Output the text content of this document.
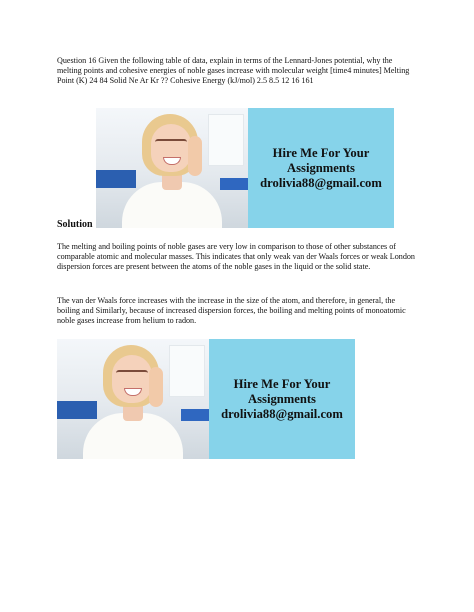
Question 16 Given the following table of data, explain in terms of the Lennard-Jones potential, why the melting points and cohesive energies of noble gases increase with molecular weight [time4 minutes] Melting Point (K) 24 84 Solid Ne Ar Kr ?? Cohesive Energy (kJ/mol) 2.5 8.5 12 16 161

Hire Me For Your
Assignments
drolivia88@gmail.com

Solution

The melting and boiling points of noble gases are very low in comparison to those of other substances of comparable atomic and molecular masses. This indicates that only weak van der Waals forces or weak London dispersion forces are present between the atoms of the noble gases in the liquid or the solid state.

The van der Waals force increases with the increase in the size of the atom, and therefore, in general, the boiling and Similarly, because of increased dispersion forces, the boiling and melting points of monoatomic noble gases increase from helium to radon.

Hire Me For Your
Assignments
drolivia88@gmail.com
